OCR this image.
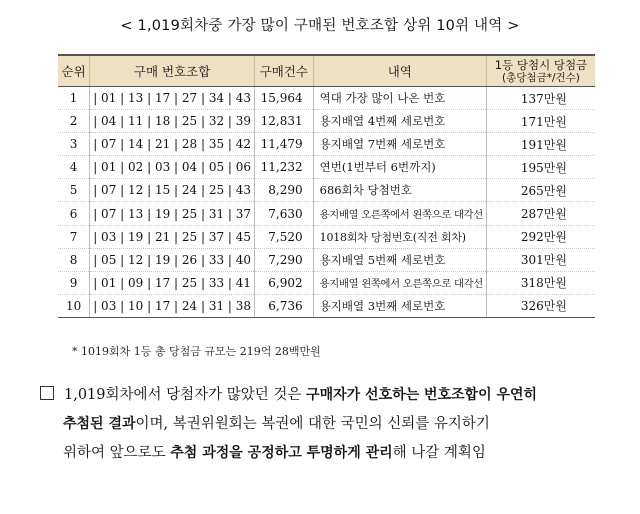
< 1,019회차중 가장 많이 구매된 번호조합 상위 10위 내역 >
순위	구매 번호조합	구매건수	내역	1등 당첨시 당첨금
(총당첨금*/건수)

1	| 01 | 13 | 17 | 27 | 34 | 43	15,964	역대 가장 많이 나온 번호	137만원
2	| 04 | 11 | 18 | 25 | 32 | 39	12,831	용지배열 4번째 세로번호	171만원
3	| 07 | 14 | 21 | 28 | 35 | 42	11,479	용지배열 7번째 세로번호	191만원
4	| 01 | 02 | 03 | 04 | 05 | 06	11,232	연번(1번부터 6번까지)	195만원
5	| 07 | 12 | 15 | 24 | 25 | 43	8,290	686회차 당첨번호	265만원
6	| 07 | 13 | 19 | 25 | 31 | 37	7,630	용지배열 오른쪽에서 왼쪽으로 대각선	287만원
7	| 03 | 19 | 21 | 25 | 37 | 45	7,520	1018회차 당첨번호(직전 회차)	292만원
8	| 05 | 12 | 19 | 26 | 33 | 40	7,290	용지배열 5번째 세로번호	301만원
9	| 01 | 09 | 17 | 25 | 33 | 41	6,902	용지배열 왼쪽에서 오른쪽으로 대각선	318만원
10	| 03 | 10 | 17 | 24 | 31 | 38	6,736	용지배열 3번째 세로번호	326만원
* 1019회차 1등 총 당첨금 규모는 219억 28백만원
1,019회차에서 당첨자가 많았던 것은 구매자가 선호하는 번호조합이 우연히
추첨된 결과이며, 복권위원회는 복권에 대한 국민의 신뢰를 유지하기
위하여 앞으로도 추첨 과정을 공정하고 투명하게 관리해 나갈 계획임
